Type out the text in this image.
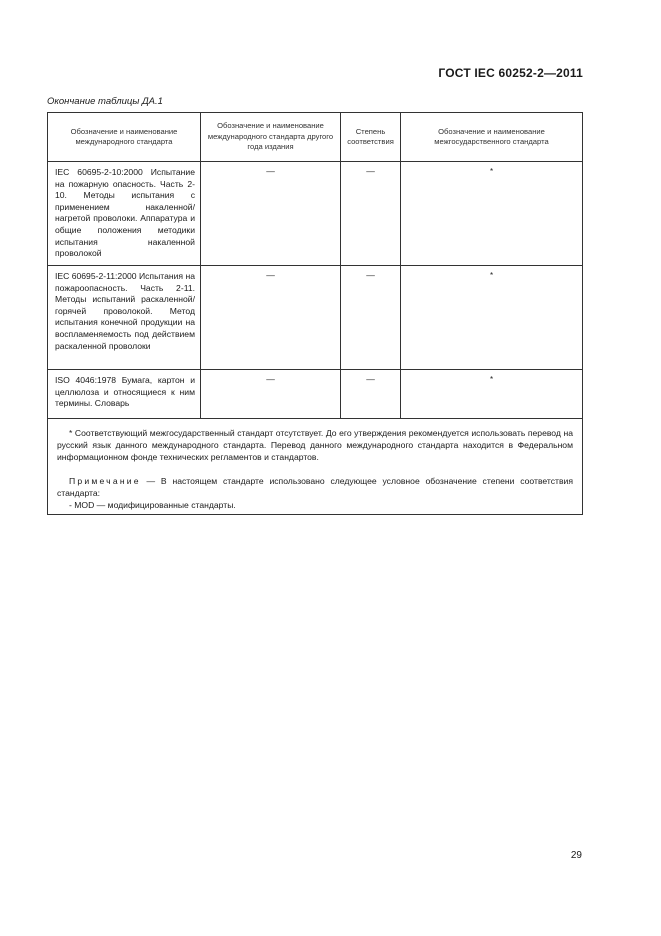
ГОСТ IEC 60252-2—2011
Окончание таблицы ДА.1
Обозначение и наименование международного стандарта	Обозначение и наименование международного стандарта другого года издания	Степень соответствия	Обозначение и наименование межгосударственного стандарта

IEC 60695-2-10:2000 Испытание на пожарную опасность. Часть 2-10. Методы испытания с применением накаленной/нагретой проволоки. Аппаратура и общие положения методики испытания накаленной проволокой	—	—	*
IEC 60695-2-11:2000 Испытания на пожароопасность. Часть 2-11. Методы испытаний раскаленной/горячей проволокой. Метод испытания конечной продукции на воспламеняемость под действием раскаленной проволоки	—	—	*
ISO 4046:1978 Бумага, картон и целлюлоза и относящиеся к ним термины. Словарь	—	—	*

* Соответствующий межгосударственный стандарт отсутствует. До его утверждения рекомендуется использовать перевод на русский язык данного международного стандарта. Перевод данного международного стандарта находится в Федеральном информационном фонде технических регламентов и стандартов.

Примечание — В настоящем стандарте использовано следующее условное обозначение степени соответствия стандарта:

- MOD — модифицированные стандарты.			

29
